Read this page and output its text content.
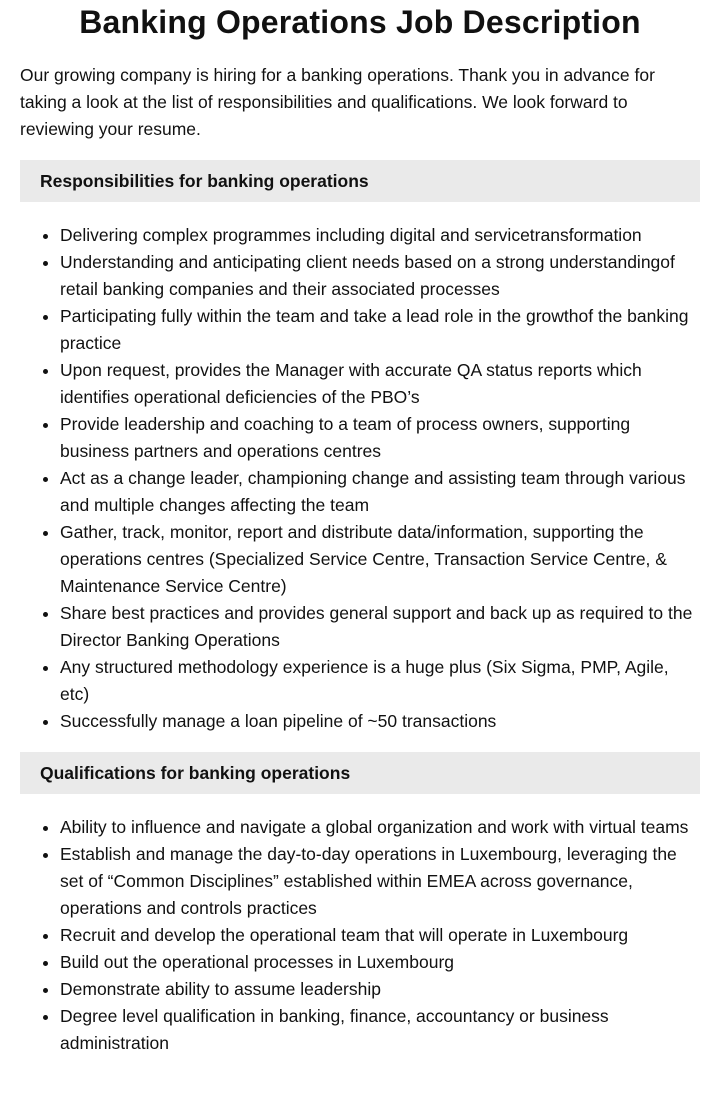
Banking Operations Job Description

Our growing company is hiring for a banking operations. Thank you in advance for taking a look at the list of responsibilities and qualifications. We look forward to reviewing your resume.

Responsibilities for banking operations
• Delivering complex programmes including digital and servicetransformation
• Understanding and anticipating client needs based on a strong understandingof retail banking companies and their associated processes
• Participating fully within the team and take a lead role in the growthof the banking practice
• Upon request, provides the Manager with accurate QA status reports which identifies operational deficiencies of the PBO’s
• Provide leadership and coaching to a team of process owners, supporting business partners and operations centres
• Act as a change leader, championing change and assisting team through various and multiple changes affecting the team
• Gather, track, monitor, report and distribute data/information, supporting the operations centres (Specialized Service Centre, Transaction Service Centre, & Maintenance Service Centre)
• Share best practices and provides general support and back up as required to the Director Banking Operations
• Any structured methodology experience is a huge plus (Six Sigma, PMP, Agile, etc)
• Successfully manage a loan pipeline of ~50 transactions
Qualifications for banking operations
• Ability to influence and navigate a global organization and work with virtual teams
• Establish and manage the day-to-day operations in Luxembourg, leveraging the set of “Common Disciplines” established within EMEA across governance, operations and controls practices
• Recruit and develop the operational team that will operate in Luxembourg
• Build out the operational processes in Luxembourg
• Demonstrate ability to assume leadership
• Degree level qualification in banking, finance, accountancy or business administration
